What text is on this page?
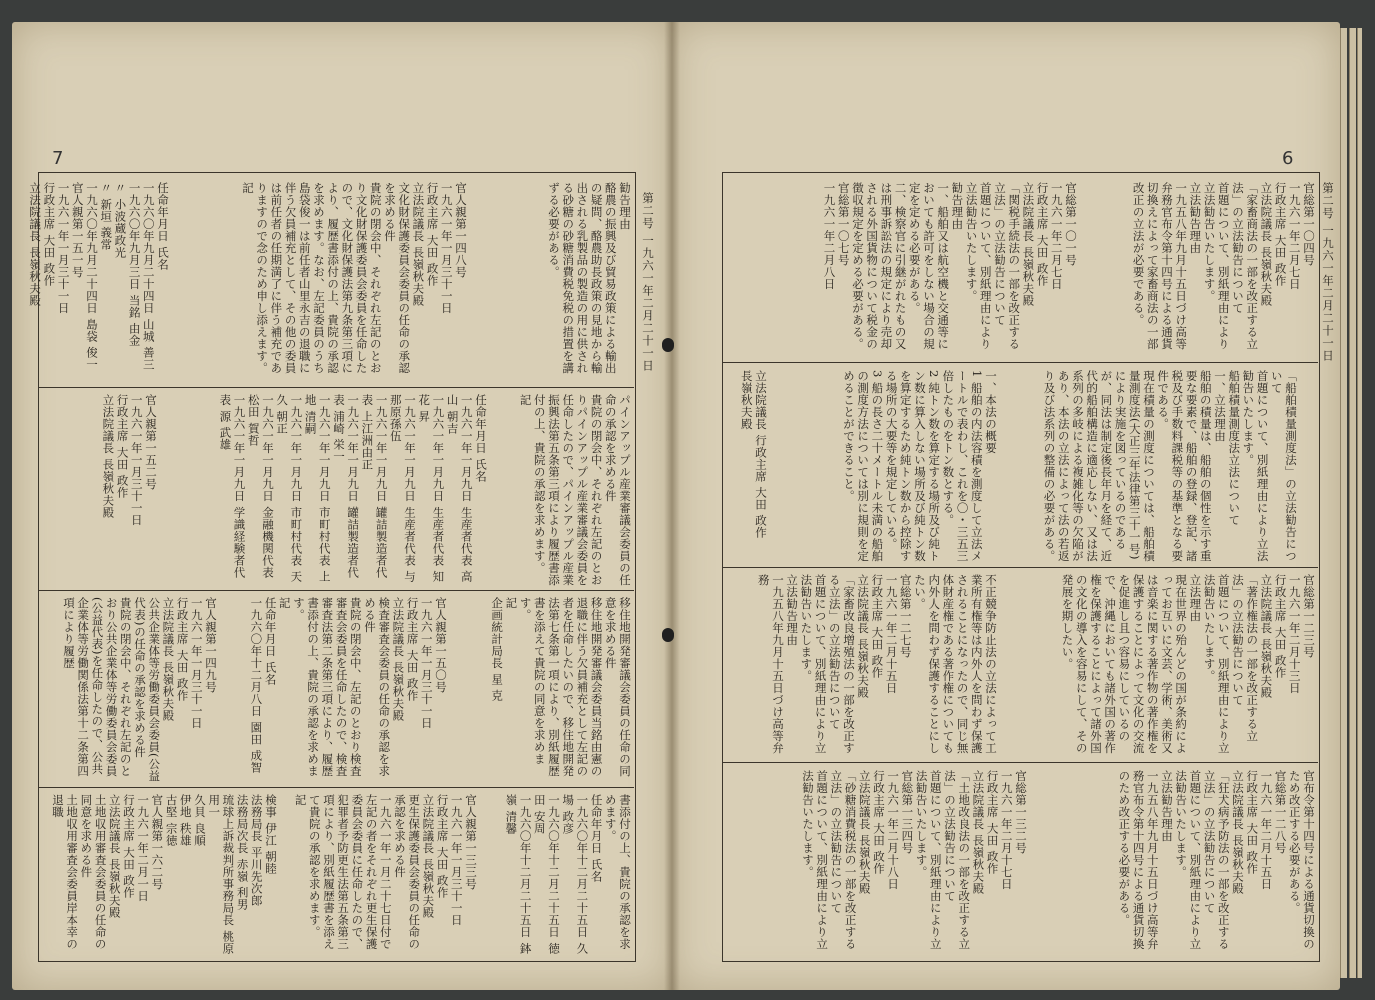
7
第二号 一九六一年二月二十一日
勧告理由
酪農の振興及び貿易政策による輸出の疑問、酪農助長政策の見地から輸出される乳製品の製造の用に供される砂糖の砂糖消費税免税の措置を講ずる必要がある。
官人親第一四八号
一九六一年一月三十一日
行政主席 大田 政作
立法院議長 長嶺秋夫殿
文化財保護委員会委員の任命の承認を求める件
貴院の閉会中、それぞれ左記のとおり文化財保護委員会委員を任命したので、文化財保護法第九条第三項により、履歴書添付の上、貴院の承認を求めます。なお、左記委員のうち島袋俊一は前任者山里永吉の退職に伴う欠員補充として、その他の委員は前任者の任期満了に伴う補充でありますので念のため申し添えます。
記
任命年月日 氏名
一九六〇年九月二十四日 山城 善三
一九六〇年九月三日 当銘 由金
〃 小波蔵政光
〃 新垣 義常
一九六〇年九月二十四日 島袋 俊一
官人親第一五一号
一九六一年一月三十一日
行政主席 大田 政作
立法院議長 長嶺秋夫殿
パインアップル産業審議会委員の任命の承認を求める件
貴院の閉会中、それぞれ左記のとおりパインアップル産業審議会委員を任命したので、パインアップル産業振興法第五条第三項により履歴書添付の上、貴院の承認を求めます。
記
任命年月日 氏名
一九六一年一月九日 生産者代表 高山 朝吉
一九六一年一月九日 生産者代表 知花 昇
一九六一年一月九日 生産者代表 与那原孫伍
一九六一年一月九日 罐詰製造者代表 上江洲由正
一九六一年一月九日 罐詰製造者代表 浦崎 栄一
一九六一年一月九日 市町村代表 上地 清嗣
一九六一年一月九日 市町村代表 天久 朝正
一九六一年一月九日 金融機関代表 松田 賀哲
一九六一年一月九日 学識経験者代表 源 武雄
官人親第一五二号
一九六一年一月三十一日
行政主席 大田 政作
立法院議長 長嶺秋夫殿
移住地開発審議会委員の任命の同意を求める件
移住地開発審議会委員当銘由憲の退職に伴う欠員補充として左記の者を任命したいので、移住地開発法第七条第一項により、別紙履歴書を添えて貴院の同意を求めます。
記
企画統計局長 星 克
官人親第一五〇号
一九六一年一月三十一日
行政主席 大田 政作
立法院議長 長嶺秋夫殿
検査審査会委員の任命の承認を求める件
貴院の閉会中、左記のとおり検査審査会委員を任命したので、検査審査法第二条第三項により、履歴書添付の上、貴院の承認を求めます。
記
任命年月日 氏名
一九六〇年十二月八日 園田 成智
官人親第一四九号
一九六一年一月三十一日
行政主席 大田 政作
立法院議長 長嶺秋夫殿
公共企業体等労働委員会委員(公益代表)の任命の承認を求める件
貴院の閉会中、それぞれ左記のとおり公共企業体等労働委員会委員(公益代表)を任命したので、公共企業体等労働関係法第十二条第四項により履歴
書添付の上、貴院の承認を求めます。
任命年月日 氏名
一九六〇年十二月二十五日 久場 政彦
一九六〇年十二月二十五日 徳田 安周
一九六〇年十二月二十五日 鉢嶺 清馨
官人親第一三三号
一九六一年一月三十一日
行政主席 大田 政作
立法院議長 長嶺秋夫殿
更生保護委員会委員の任命の承認を求める件
一九六一年一月二十七日付で左記の者をそれぞれ更生保護委員会委員に任命したので、犯罪者予防更生法第五条第三項により、別紙履歴書を添えて貴院の承認を求めます。
記
検事 伊江 朝睦
法務局長 平川先次郎
法務局次長 赤嶺 利男
琉球上訴裁判所事務局長 桃原 用一
久貝 良順
伊地 秩雄
古堅 宗徳
官人親第一六二号
一九六一年二月一日
行政主席 大田 政作
立法院議長 長嶺秋夫殿
土地収用審査会委員の任命の同意を求める件
土地収用審査会委員岸本幸の退職
6
第二号 一九六一年二月二十一日
官総第一〇四号
一九六一年二月七日
行政主席 大田 政作
立法院議長 長嶺秋夫殿
「家畜商法の一部を改正する立法」の立法勧告について
首題について、別紙理由により立法勧告いたします。
立法勧告理由
一九五八年九月十五日づけ高等弁務官布令第十四号による通貨切換えによって家畜商法の一部改正の立法が必要である。
官総第一〇一号
一九六一年二月七日
行政主席 大田 政作
立法院議長 長嶺秋夫殿
「関税手続法の一部を改正する立法」の立法勧告について
首題について、別紙理由により立法勧告いたします。
勧告理由
一、船舶又は航空機と交通等においても許可をしない場合の規定を定める必要がある。
二、検察官に引継がれたもの又は刑事訴訟法の規定により売却される外国貨物について税金の徴収規定を定める必要がある。
官総第一〇七号
一九六一年二月八日
「船舶積量測度法」の立法勧告について
首題について、別紙理由により立法勧告いたします。
船舶積量測度法立法について
一、立法理由
船舶の積量は、船舶の個性を示す重要な要素で、船舶の登録、登記、諸税及び手数料課税等の基準となる要件である。
現在積量の測度については、船舶積量測度法(大正三年法律第三十一号)により実施を図っているのであるが、同法は制定後長年月を経て、近代的船舶構造に適応しない、又は法系列の多岐による複雑化等の欠陥があり、本法の立法によって法の若返り及び法系列の整備の必要がある。
一、本法の概要
1 船舶の内法容積を測度して立法メートルで表わし、これを〇・三五三倍したものをトン数とする。
2 純トン数を算定する場所及び純トン数に算入しない場所及び純トン数を算定するため純トン数から控除する場所の大要等を規定している。
3 船の長さ二十メートル未満の船舶の測度方法については別に規則を定めることができること。
立法院議長 行政主席 大田 政作
長嶺秋夫殿
官総第一二三号
一九六一年二月十三日
行政主席 大田 政作
立法院議長 長嶺秋夫殿
「著作権法の一部を改正する立法」の立法勧告について
首題について、別紙理由により立法勧告いたします。
立法理由
現在世界の殆んどの国が条約によってお互いに文芸、学術、美術又は音楽に関する著作物の著作権を保護することによって文化の交流を促進し且つ容易にしているので、沖縄においても諸外国の著作権を保護することによって諸外国の文化の導入を容易にして、その発展を期したい。
不正競争防止法の立法によって工業所有権等は内外人を問わず保護されることになったので、同じ無体財産権である著作権についても内外人を問わず保護することにしたい。
官総第一二七号
一九六一年二月十五日
行政主席 大田 政作
立法院議長 長嶺秋夫殿
「家畜改良増殖法の一部を改正する立法」の立法勧告について
首題について、別紙理由により立法勧告いたします。
立法勧告理由
一九五八年九月十五日づけ高等弁務
官布令第十四号による通貨切換のため改正する必要がある。
官総第一二八号
一九六一年二月十五日
行政主席 大田 政作
立法院議長 長嶺秋夫殿
「狂犬病予防法の一部を改正する立法」の立法勧告について
首題について、別紙理由により立法勧告いたします。
立法勧告理由
一九五八年九月十五日づけ高等弁務官布令第十四号による通貨切換のため改正する必要がある。
官総第一三二号
一九六一年二月十七日
行政主席 大田 政作
立法院議長 長嶺秋夫殿
「土地改良法の一部を改正する立法」の立法勧告について
首題について、別紙理由により立法勧告いたします。
官総第一三四号
一九六一年二月十八日
行政主席 大田 政作
立法院議長 長嶺秋夫殿
「砂糖消費税法の一部を改正する立法」の立法勧告について
首題について、別紙理由により立法勧告いたします。
